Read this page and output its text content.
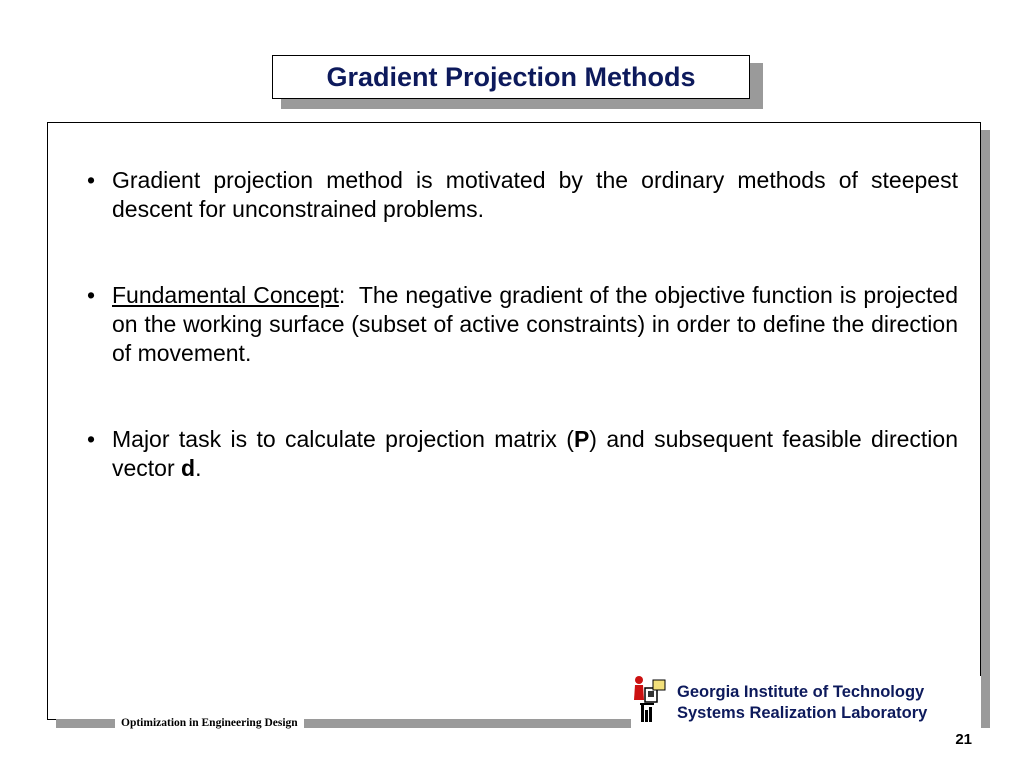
Gradient Projection Methods
• Gradient projection method is motivated by the ordinary methods of steepest descent for unconstrained problems.
• Fundamental Concept:  The negative gradient of the objective function is projected on the working surface (subset of active constraints) in order to define the direction of movement.
• Major task is to calculate projection matrix (P) and subsequent feasible direction vector d.
Optimization in Engineering Design
Georgia Institute of Technology
Systems Realization Laboratory
21
